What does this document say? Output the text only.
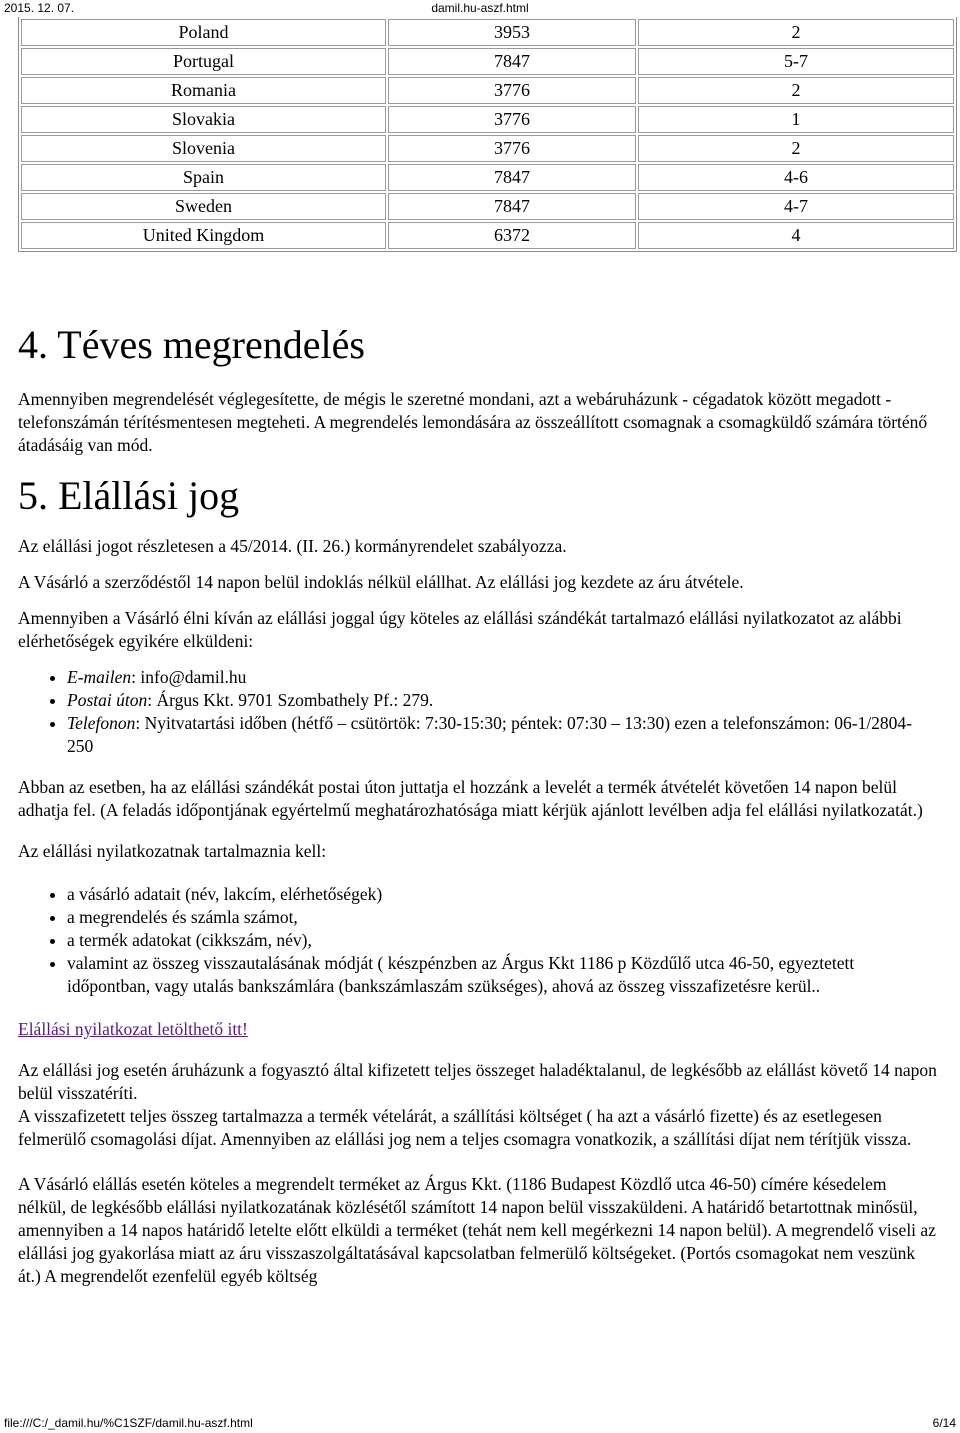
2015. 12. 07.	damil.hu-aszf.html
Poland	3953	2
Portugal	7847	5-7
Romania	3776	2
Slovakia	3776	1
Slovenia	3776	2
Spain	7847	4-6
Sweden	7847	4-7
United Kingdom	6372	4
4. Téves megrendelés

Amennyiben megrendelését véglegesítette, de mégis le szeretné mondani, azt a webáruházunk - cégadatok között megadott - telefonszámán térítésmentesen megteheti. A megrendelés lemondására az összeállított csomagnak a csomagküldő számára történő átadásáig van mód.

5. Elállási jog

Az elállási jogot részletesen a 45/2014. (II. 26.) kormányrendelet szabályozza.

A Vásárló a szerződéstől 14 napon belül indoklás nélkül elállhat. Az elállási jog kezdete az áru átvétele.

Amennyiben a Vásárló élni kíván az elállási joggal úgy köteles az elállási szándékát tartalmazó elállási nyilatkozatot az alábbi elérhetőségek egyikére elküldeni:

• E-mailen: info@damil.hu
• Postai úton: Árgus Kkt. 9701 Szombathely Pf.: 279.
• Telefonon: Nyitvatartási időben (hétfő – csütörtök: 7:30-15:30; péntek: 07:30 – 13:30) ezen a telefonszámon: 06-1/2804-250

Abban az esetben, ha az elállási szándékát postai úton juttatja el hozzánk a levelét a termék átvételét követően 14 napon belül adhatja fel. (A feladás időpontjának egyértelmű meghatározhatósága miatt kérjük ajánlott levélben adja fel elállási nyilatkozatát.)

Az elállási nyilatkozatnak tartalmaznia kell:

• a vásárló adatait (név, lakcím, elérhetőségek)
• a megrendelés és számla számot,
• a termék adatokat (cikkszám, név),
• valamint az összeg visszautalásának módját ( készpénzben az Árgus Kkt 1186 p Közdűlő utca 46-50, egyeztetett időpontban, vagy utalás bankszámlára (bankszámlaszám szükséges), ahová az összeg visszafizetésre kerül..

Elállási nyilatkozat letölthető itt!

Az elállási jog esetén áruházunk a fogyasztó által kifizetett teljes összeget haladéktalanul, de legkésőbb az elállást követő 14 napon belül visszatéríti.

A visszafizetett teljes összeg tartalmazza a termék vételárát, a szállítási költséget ( ha azt a vásárló fizette) és az esetlegesen felmerülő csomagolási díjat. Amennyiben az elállási jog nem a teljes csomagra vonatkozik, a szállítási díjat nem térítjük vissza.

A Vásárló elállás esetén köteles a megrendelt terméket az Árgus Kkt. (1186 Budapest Közdlő utca 46-50) címére késedelem nélkül, de legkésőbb elállási nyilatkozatának közlésétől számított 14 napon belül visszaküldeni. A határidő betartottnak minősül, amennyiben a 14 napos határidő letelte előtt elküldi a terméket (tehát nem kell megérkezni 14 napon belül). A megrendelő viseli az elállási jog gyakorlása miatt az áru visszaszolgáltatásával kapcsolatban felmerülő költségeket. (Portós csomagokat nem veszünk át.) A megrendelőt ezenfelül egyéb költség

file:///C:/_damil.hu/%C1SZF/damil.hu-aszf.html	6/14
